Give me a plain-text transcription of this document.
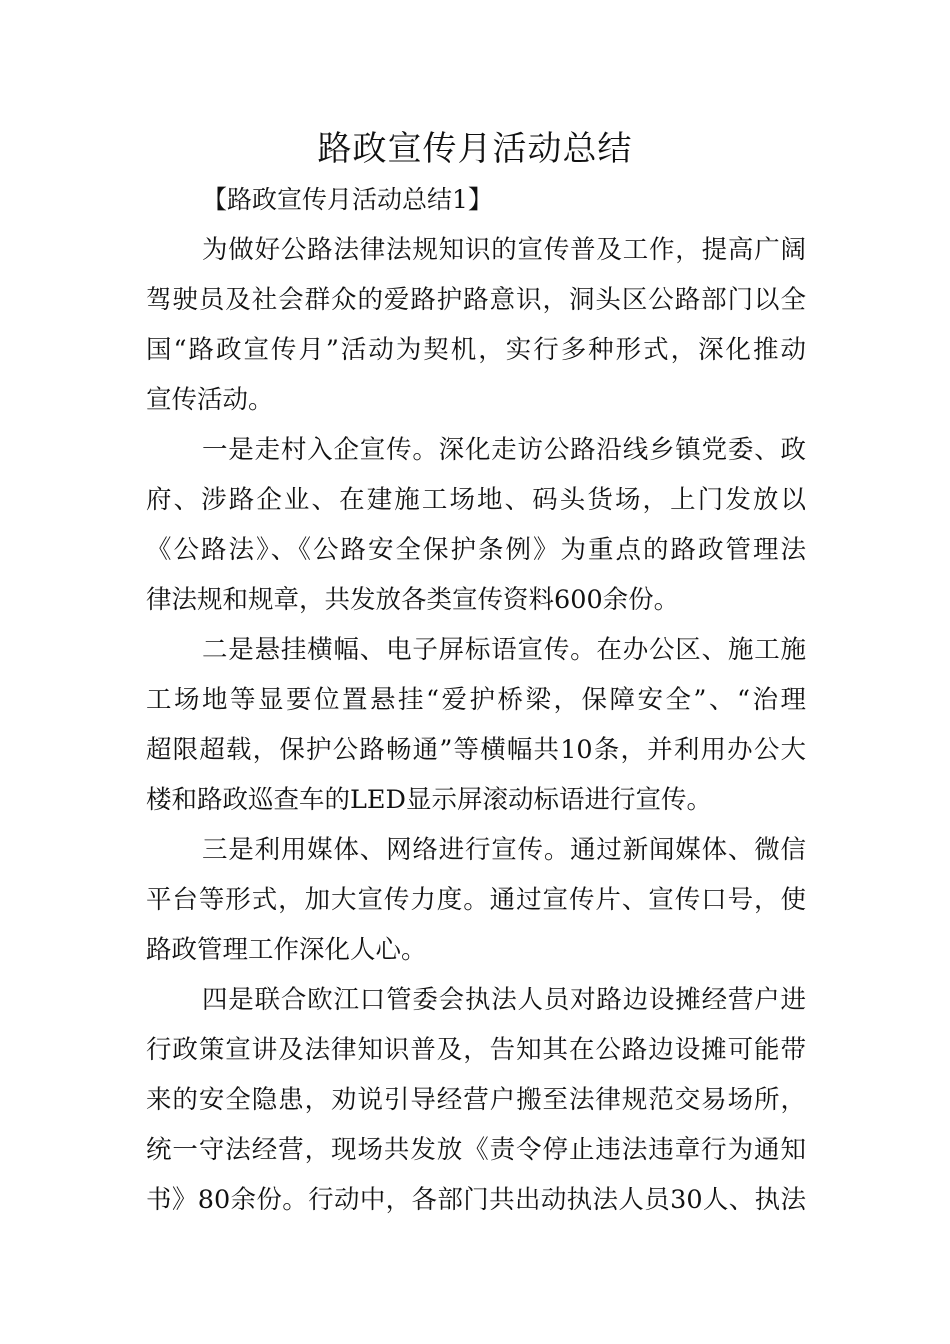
路政宣传月活动总结

【路政宣传月活动总结1】

为做好公路法律法规知识的宣传普及工作，提高广阔

驾驶员及社会群众的爱路护路意识，洞头区公路部门以全

国“路政宣传月”活动为契机，实行多种形式，深化推动

宣传活动。

一是走村入企宣传。深化走访公路沿线乡镇党委、政

府、涉路企业、在建施工场地、码头货场，上门发放以

《公路法》、《公路安全保护条例》为重点的路政管理法

律法规和规章，共发放各类宣传资料600余份。

二是悬挂横幅、电子屏标语宣传。在办公区、施工施

工场地等显要位置悬挂“爱护桥梁，保障安全”、“治理

超限超载，保护公路畅通”等横幅共10条，并利用办公大

楼和路政巡查车的LED显示屏滚动标语进行宣传。

三是利用媒体、网络进行宣传。通过新闻媒体、微信

平台等形式，加大宣传力度。通过宣传片、宣传口号，使

路政管理工作深化人心。

四是联合欧江口管委会执法人员对路边设摊经营户进

行政策宣讲及法律知识普及，告知其在公路边设摊可能带

来的安全隐患，劝说引导经营户搬至法律规范交易场所，

统一守法经营，现场共发放《责令停止违法违章行为通知

书》80余份。行动中，各部门共出动执法人员30人、执法
